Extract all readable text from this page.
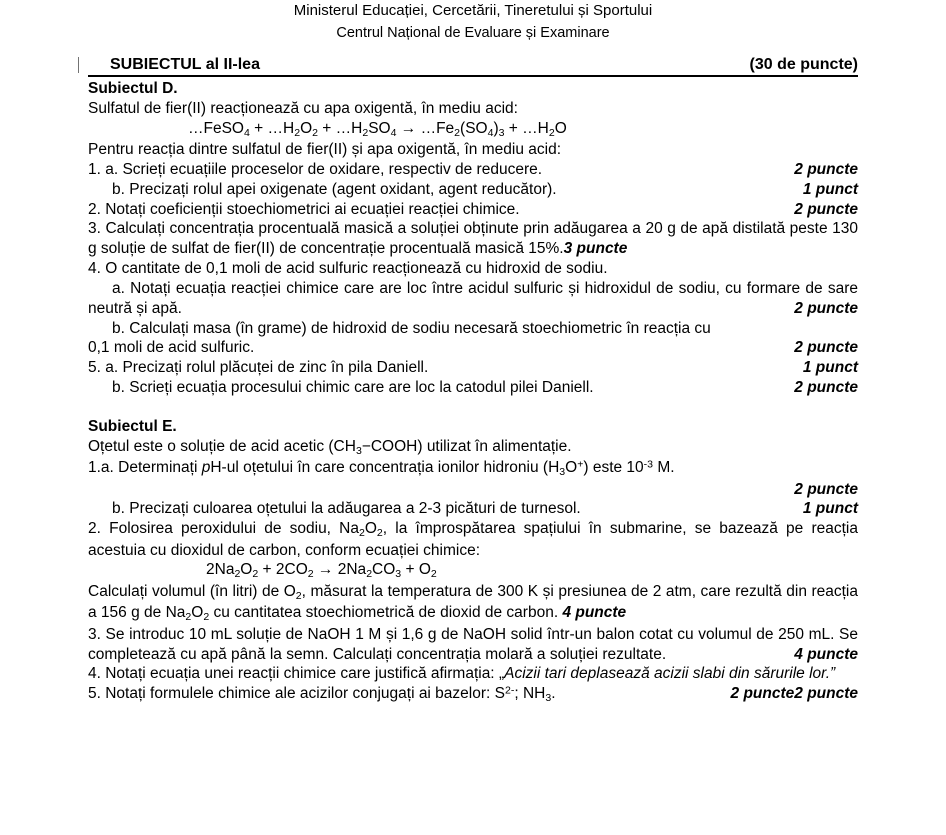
Ministerul Educației, Cercetării, Tineretului și Sportului
Centrul Național de Evaluare și Examinare
SUBIECTUL al II-lea	(30 de puncte)
Subiectul D.
Sulfatul de fier(II) reacționează cu apa oxigentă, în mediu acid:
…FeSO$_4$ + $\dots H_2O_2$ + $\dots H_2SO_4$ → $\dots Fe_2(SO_4)_3$ + $\dots H_2O$
Pentru reacția dintre sulfatul de fier(II) și apa oxigentă, în mediu acid:
1. a. Scrieți ecuațiile proceselor de oxidare, respectiv de reducere.	2 puncte
b. Precizați rolul apei oxigenate (agent oxidant, agent reducător).	1 punct
2. Notați coeficienții stoechiometrici ai ecuației reacției chimice.	2 puncte
3. Calculați concentrația procentuală masică a soluției obținute prin adăugarea a 20 g de apă distilată peste 130 g soluție de sulfat de fier(II) de concentrație procentuală masică 15%.3 puncte
4. O cantitate de 0,1 moli de acid sulfuric reacționează cu hidroxid de sodiu.
a. Notați ecuația reacției chimice care are loc între acidul sulfuric și hidroxidul de sodiu, cu formare de sare neutră și apă.	2 puncte
b. Calculați masa (în grame) de hidroxid de sodiu necesară stoechiometric în reacția cu
0,1 moli de acid sulfuric.	2 puncte
5. a. Precizați rolul plăcuței de zinc în pila Daniell.	1 punct
b. Scrieți ecuația procesului chimic care are loc la catodul pilei Daniell.	2 puncte
Subiectul E.
Oțetul este o soluție de acid acetic $(CH_3-COOH)$ utilizat în alimentație.
1.a. Determinați pH-ul oțetului în care concentrația ionilor hidroniu $(H_3O^+)$ este $10^{-3}$ M.
2 puncte
b. Precizați culoarea oțetului la adăugarea a 2-3 picături de turnesol.	1 punct
2. Folosirea peroxidului de sodiu, $Na_2O_2$, la împrospătarea spațiului în submarine, se bazează pe reacția acestuia cu dioxidul de carbon, conform ecuației chimice:
$2Na_2O_2 + 2CO_2 \to 2Na_2CO_3 + O_2$
Calculați volumul (în litri) de $O_2$, măsurat la temperatura de 300 K și presiunea de 2 atm, care rezultă din reacția a 156 g de $Na_2O_2$ cu cantitatea stoechiometrică de dioxid de carbon. 4 puncte
3. Se introduc 10 mL soluție de NaOH 1 M și 1,6 g de NaOH solid într-un balon cotat cu volumul de 250 mL. Se completează cu apă până la semn. Calculați concentrația molară a soluției rezultate.	4 puncte
4. Notați ecuația unei reacții chimice care justifică afirmația: „Acizii tari deplasează acizii slabi din sărurile lor.”
2 puncte
5. Notați formulele chimice ale acizilor conjugați ai bazelor: $S^{2-}$; $NH_3$.	2 puncte
